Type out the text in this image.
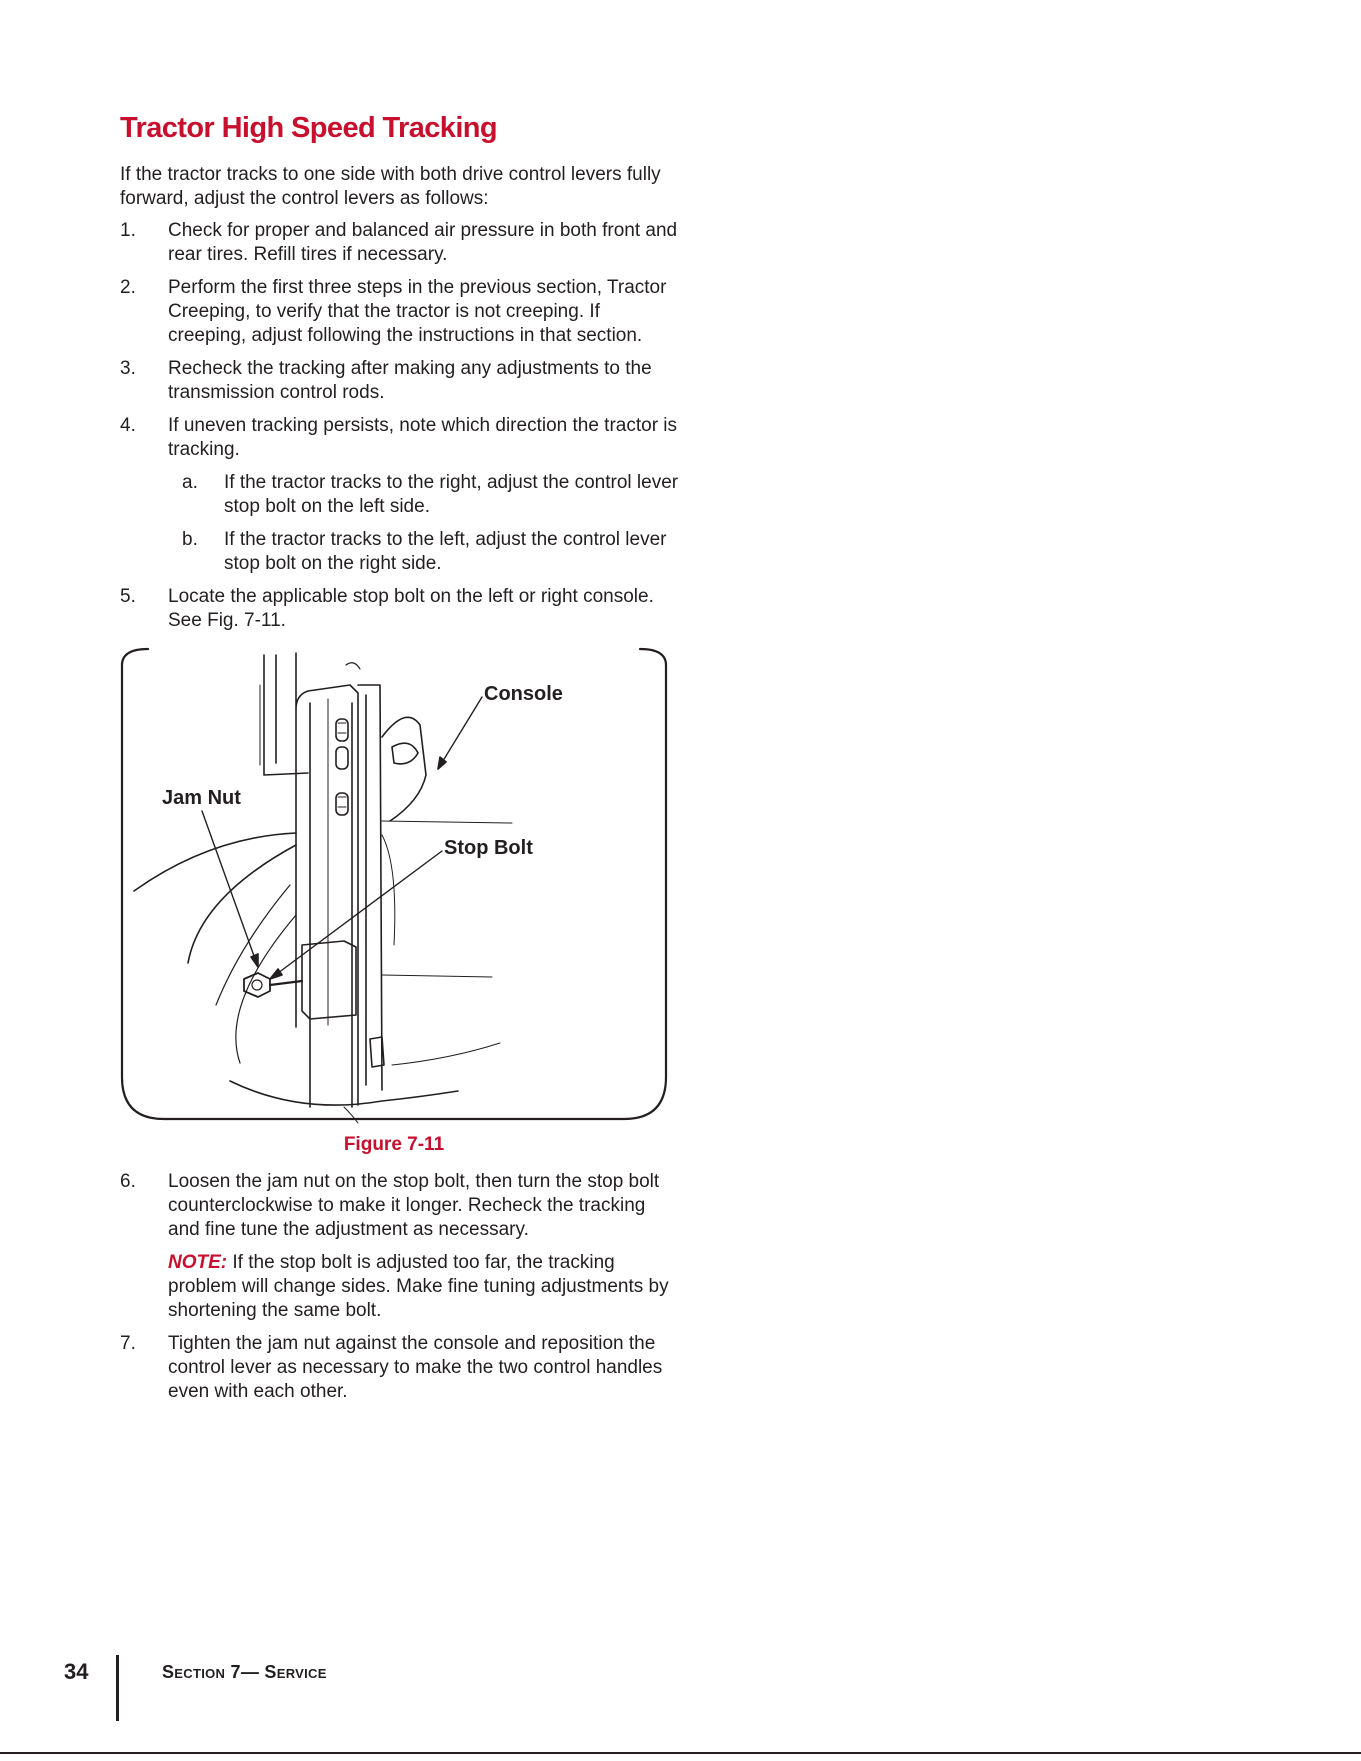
Tractor High Speed Tracking

If the tractor tracks to one side with both drive control levers fully forward, adjust the control levers as follows:

1. Check for proper and balanced air pressure in both front and rear tires. Refill tires if necessary.
2. Perform the first three steps in the previous section, Tractor Creeping, to verify that the tractor is not creeping. If creeping, adjust following the instructions in that section.
3. Recheck the tracking after making any adjustments to the transmission control rods.
4. If uneven tracking persists, note which direction the tractor is tracking.
a. If the tractor tracks to the right, adjust the control lever stop bolt on the left side.
b. If the tractor tracks to the left, adjust the control lever stop bolt on the right side.
5. Locate the applicable stop bolt on the left or right console. See Fig. 7-11.
Console
Jam Nut
Stop Bolt
Figure 7-11
6. Loosen the jam nut on the stop bolt, then turn the stop bolt counterclockwise to make it longer. Recheck the tracking and fine tune the adjustment as necessary.
NOTE: If the stop bolt is adjusted too far, the tracking problem will change sides. Make fine tuning adjustments by shortening the same bolt.
7. Tighten the jam nut against the console and reposition the control lever as necessary to make the two control handles even with each other.
34	Section 7— Service
